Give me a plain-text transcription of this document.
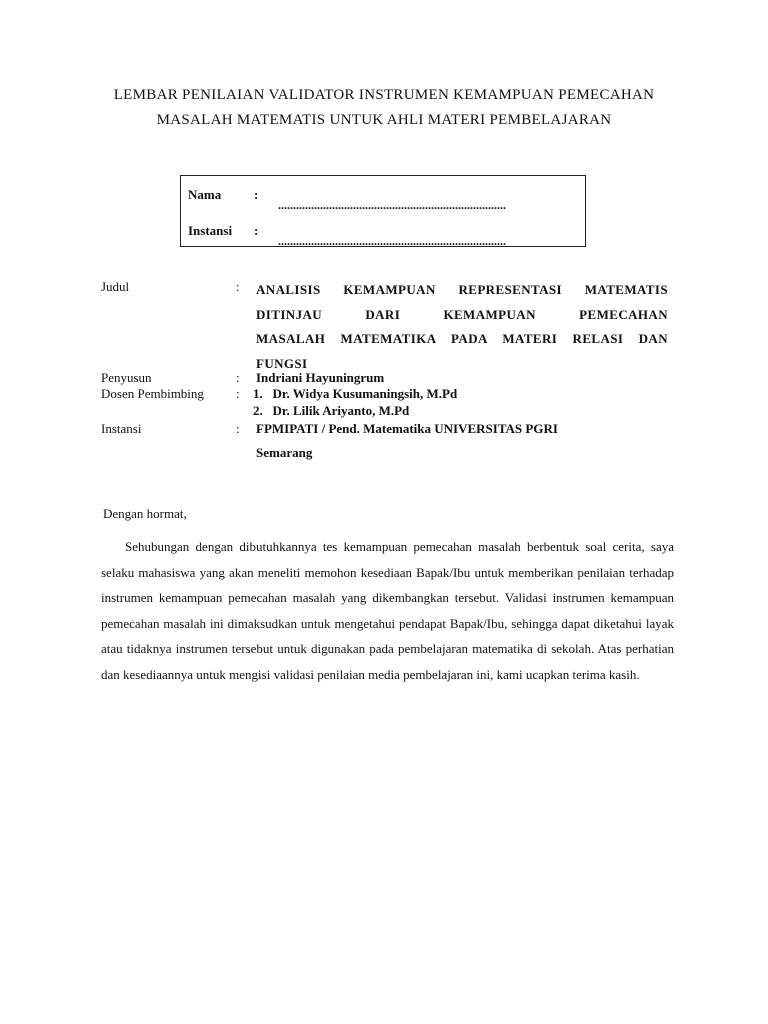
LEMBAR PENILAIAN VALIDATOR INSTRUMEN KEMAMPUAN PEMECAHAN
MASALAH MATEMATIS UNTUK AHLI MATERI PEMBELAJARAN
Nama	:
............................................................................
Instansi :
............................................................................
Judul	: ANALISIS KEMAMPUAN REPRESENTASI MATEMATIS
DITINJAU DARI KEMAMPUAN PEMECAHAN
MASALAH MATEMATIKA PADA MATERI RELASI DAN
FUNGSI
Penyusun	: Indriani Hayuningrum
Dosen Pembimbing : 1.   Dr. Widya Kusumaningsih, M.Pd
2.   Dr. Lilik Ariyanto, M.Pd
Instansi	: FPMIPATI / Pend. Matematika UNIVERSITAS PGRI
Semarang
Dengan hormat,

Sehubungan dengan dibutuhkannya tes kemampuan pemecahan masalah berbentuk soal cerita, saya selaku mahasiswa yang akan meneliti memohon kesediaan Bapak/Ibu untuk memberikan penilaian terhadap instrumen kemampuan pemecahan masalah yang dikembangkan tersebut. Validasi instrumen kemampuan pemecahan masalah ini dimaksudkan untuk mengetahui pendapat Bapak/Ibu, sehingga dapat diketahui layak atau tidaknya instrumen tersebut untuk digunakan pada pembelajaran matematika di sekolah. Atas perhatian dan kesediaannya untuk mengisi validasi penilaian media pembelajaran ini, kami ucapkan terima kasih.
